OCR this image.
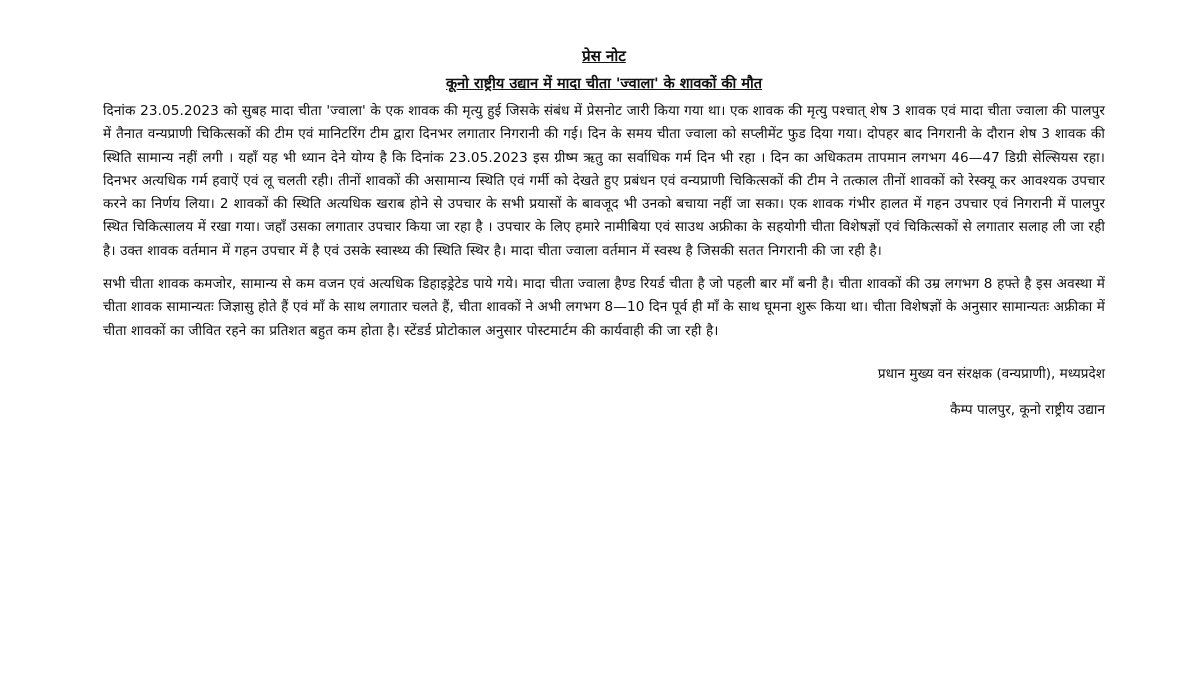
प्रेस नोट
कूनो राष्ट्रीय उद्यान में मादा चीता 'ज्वाला' के शावकों की मौत

दिनांक 23.05.2023 को सुबह मादा चीता 'ज्वाला' के एक शावक की मृत्यु हुई जिसके संबंध में प्रेसनोट जारी किया गया था। एक शावक की मृत्यु पश्चात् शेष 3 शावक एवं मादा चीता ज्वाला की पालपुर में तैनात वन्यप्राणी चिकित्सकों की टीम एवं मानिटरिंग टीम द्वारा दिनभर लगातार निगरानी की गई। दिन के समय चीता ज्वाला को सप्लीमेंट फुड दिया गया। दोपहर बाद निगरानी के दौरान शेष 3 शावक की स्थिति सामान्य नहीं लगी । यहाँ यह भी ध्यान देने योग्य है कि दिनांक 23.05.2023 इस ग्रीष्म ऋतु का सर्वाधिक गर्म दिन भी रहा । दिन का अधिकतम तापमान लगभग 46—47 डिग्री सेल्सियस रहा। दिनभर अत्यधिक गर्म हवाऐं एवं लू चलती रही। तीनों शावकों की असामान्य स्थिति एवं गर्मी को देखते हुए प्रबंधन एवं वन्यप्राणी चिकित्सकों की टीम ने तत्काल तीनों शावकों को रेस्क्यू कर आवश्यक उपचार करने का निर्णय लिया। 2 शावकों की स्थिति अत्यधिक खराब होने से उपचार के सभी प्रयासों के बावजूद भी उनको बचाया नहीं जा सका। एक शावक गंभीर हालत में गहन उपचार एवं निगरानी में पालपुर स्थित चिकित्सालय में रखा गया। जहाँ उसका लगातार उपचार किया जा रहा है । उपचार के लिए हमारे नामीबिया एवं साउथ अफ्रीका के सहयोगी चीता विशेषज्ञों एवं चिकित्सकों से लगातार सलाह ली जा रही है। उक्त शावक वर्तमान में गहन उपचार में है एवं उसके स्वास्थ्य की स्थिति स्थिर है। मादा चीता ज्वाला वर्तमान में स्वस्थ है जिसकी सतत निगरानी की जा रही है।

सभी चीता शावक कमजोर, सामान्य से कम वजन एवं अत्यधिक डिहाइड्रेटेड पाये गये। मादा चीता ज्वाला हैण्ड रियर्ड चीता है जो पहली बार माँ बनी है। चीता शावकों की उम्र लगभग 8 हफ्ते है इस अवस्था में चीता शावक सामान्यतः जिज्ञासु होते हैं एवं माँ के साथ लगातार चलते हैं, चीता शावकों ने अभी लगभग 8—10 दिन पूर्व ही माँ के साथ घूमना शुरू किया था। चीता विशेषज्ञों के अनुसार सामान्यतः अफ्रीका में चीता शावकों का जीवित रहने का प्रतिशत बहुत कम होता है। स्टेंडर्ड प्रोटोकाल अनुसार पोस्टमार्टम की कार्यवाही की जा रही है।

प्रधान मुख्य वन संरक्षक (वन्यप्राणी), मध्यप्रदेश

कैम्प पालपुर, कूनो राष्ट्रीय उद्यान
